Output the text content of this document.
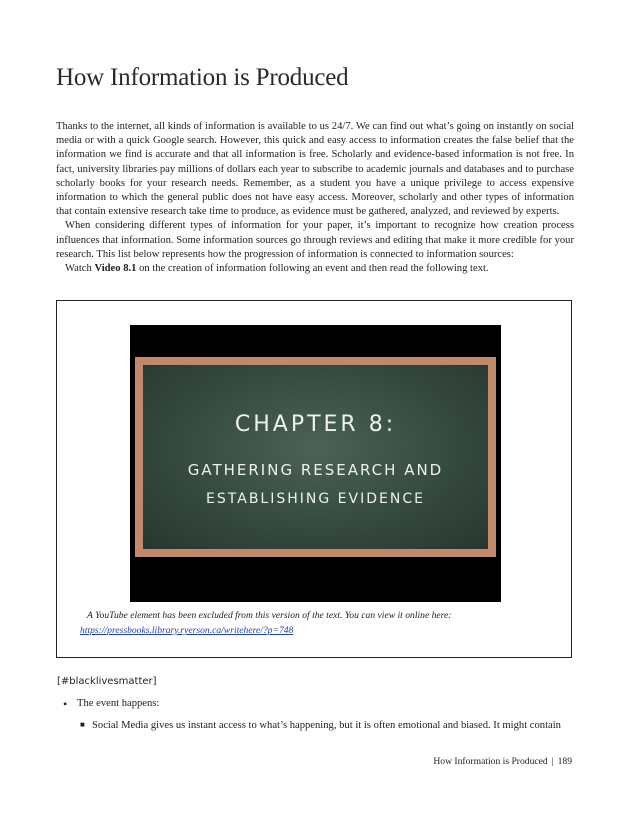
How Information is Produced

Thanks to the internet, all kinds of information is available to us 24/7. We can find out what’s going on instantly on social media or with a quick Google search. However, this quick and easy access to information creates the false belief that the information we find is accurate and that all information is free. Scholarly and evidence-based information is not free. In fact, university libraries pay millions of dollars each year to subscribe to academic journals and databases and to purchase scholarly books for your research needs. Remember, as a student you have a unique privilege to access expensive information to which the general public does not have easy access. Moreover, scholarly and other types of information that contain extensive research take time to produce, as evidence must be gathered, analyzed, and reviewed by experts.

When considering different types of information for your paper, it’s important to recognize how creation process influences that information. Some information sources go through reviews and editing that make it more credible for your research. This list below represents how the progression of information is connected to information sources:

Watch Video 8.1 on the creation of information following an event and then read the following text.

CHAPTER 8:
GATHERING RESEARCH AND
ESTABLISHING EVIDENCE
A YouTube element has been excluded from this version of the text. You can view it online here:
https://pressbooks.library.ryerson.ca/writehere/?p=748
[#blacklivesmatter]
• The event happens:
■ Social Media gives us instant access to what’s happening, but it is often emotional and biased. It might contain
How Information is Produced | 189
